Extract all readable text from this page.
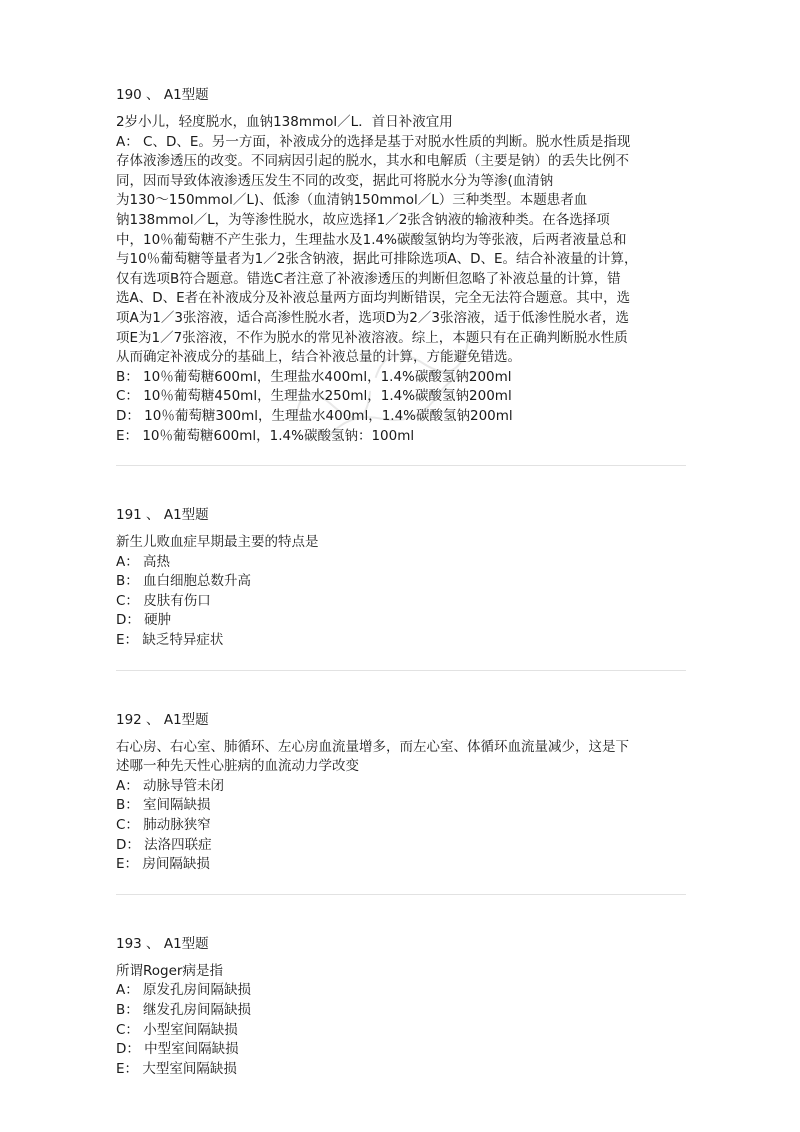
190 、 A1型题
2岁小儿，轻度脱水，血钠138mmol／L．首日补液宜用
A： C、D、E。另一方面，补液成分的选择是基于对脱水性质的判断。脱水性质是指现
存体液渗透压的改变。不同病因引起的脱水，其水和电解质（主要是钠）的丢失比例不
同，因而导致体液渗透压发生不同的改变，据此可将脱水分为等渗(血清钠
为130～150mmol／L)、低渗（血清钠150mmol／L）三种类型。本题患者血
钠138mmol／L，为等渗性脱水，故应选择1／2张含钠液的输液种类。在各选择项
中，10％葡萄糖不产生张力，生理盐水及1.4%碳酸氢钠均为等张液，后两者液量总和
与10％葡萄糖等量者为1／2张含钠液，据此可排除选项A、D、E。结合补液量的计算，
仅有选项B符合题意。错选C者注意了补液渗透压的判断但忽略了补液总量的计算，错
选A、D、E者在补液成分及补液总量两方面均判断错误，完全无法符合题意。其中，选
项A为1／3张溶液，适合高渗性脱水者，选项D为2／3张溶液，适于低渗性脱水者，选
项E为1／7张溶液，不作为脱水的常见补液溶液。综上，本题只有在正确判断脱水性质
从而确定补液成分的基础上，结合补液总量的计算，方能避免错选。
B： 10％葡萄糖600ml，生理盐水400ml，1.4%碳酸氢钠200ml
C： 10％葡萄糖450ml，生理盐水250ml，1.4%碳酸氢钠200ml
D： 10％葡萄糖300ml，生理盐水400ml，1.4%碳酸氢钠200ml
E： 10％葡萄糖600ml，1.4%碳酸氢钠：100ml
191 、 A1型题
新生儿败血症早期最主要的特点是
A： 高热
B： 血白细胞总数升高
C： 皮肤有伤口
D： 硬肿
E： 缺乏特异症状
192 、 A1型题
右心房、右心室、肺循环、左心房血流量增多，而左心室、体循环血流量减少，这是下
述哪一种先天性心脏病的血流动力学改变
A： 动脉导管未闭
B： 室间隔缺损
C： 肺动脉狭窄
D： 法洛四联症
E： 房间隔缺损
193 、 A1型题
所谓Roger病是指
A： 原发孔房间隔缺损
B： 继发孔房间隔缺损
C： 小型室间隔缺损
D： 中型室间隔缺损
E： 大型室间隔缺损
